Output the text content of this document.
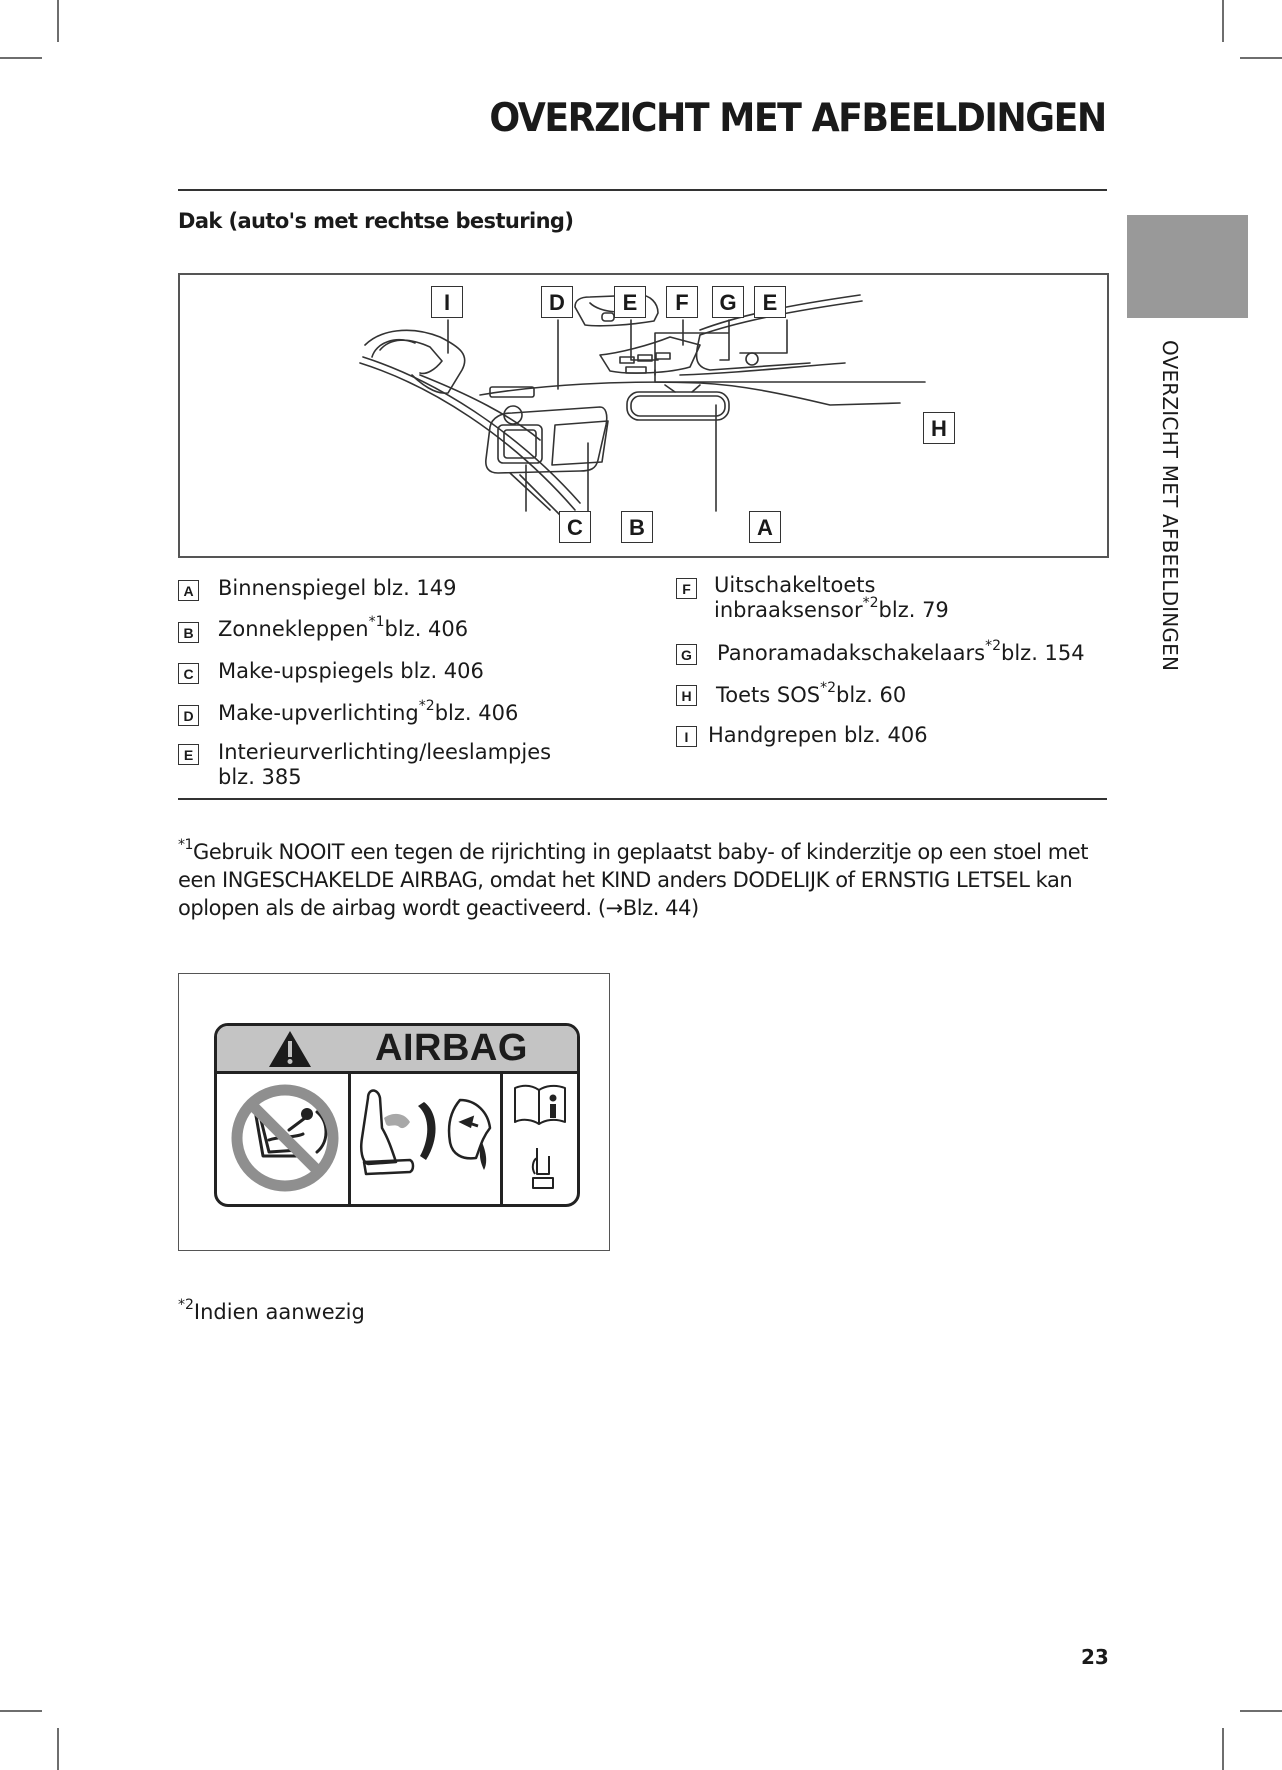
OVERZICHT MET AFBEELDINGEN
Dak (auto's met rechtse besturing)
OVERZICHT MET AFBEELDINGEN
I	D	E	F	G	E
H
C	B	A
A Binnenspiegel blz. 149
B Zonnekleppen$^{*1}$blz. 406
C Make-upspiegels blz. 406
D Make-upverlichting$^{*2}$blz. 406
E Interieurverlichting/leeslampjes
blz. 385
F Uitschakeltoets
inbraaksensor$^{*2}$blz. 79
G Panoramadakschakelaars$^{*2}$blz. 154
H Toets SOS$^{*2}$blz. 60
I Handgrepen blz. 406
$^{*1}$Gebruik NOOIT een tegen de rijrichting in geplaatst baby- of kinderzitje op een stoel met een INGESCHAKELDE AIRBAG, omdat het KIND anders DODELIJK of ERNSTIG LETSEL kan oplopen als de airbag wordt geactiveerd. (→Blz. 44)
AIRBAG
$^{*2}$Indien aanwezig
23
